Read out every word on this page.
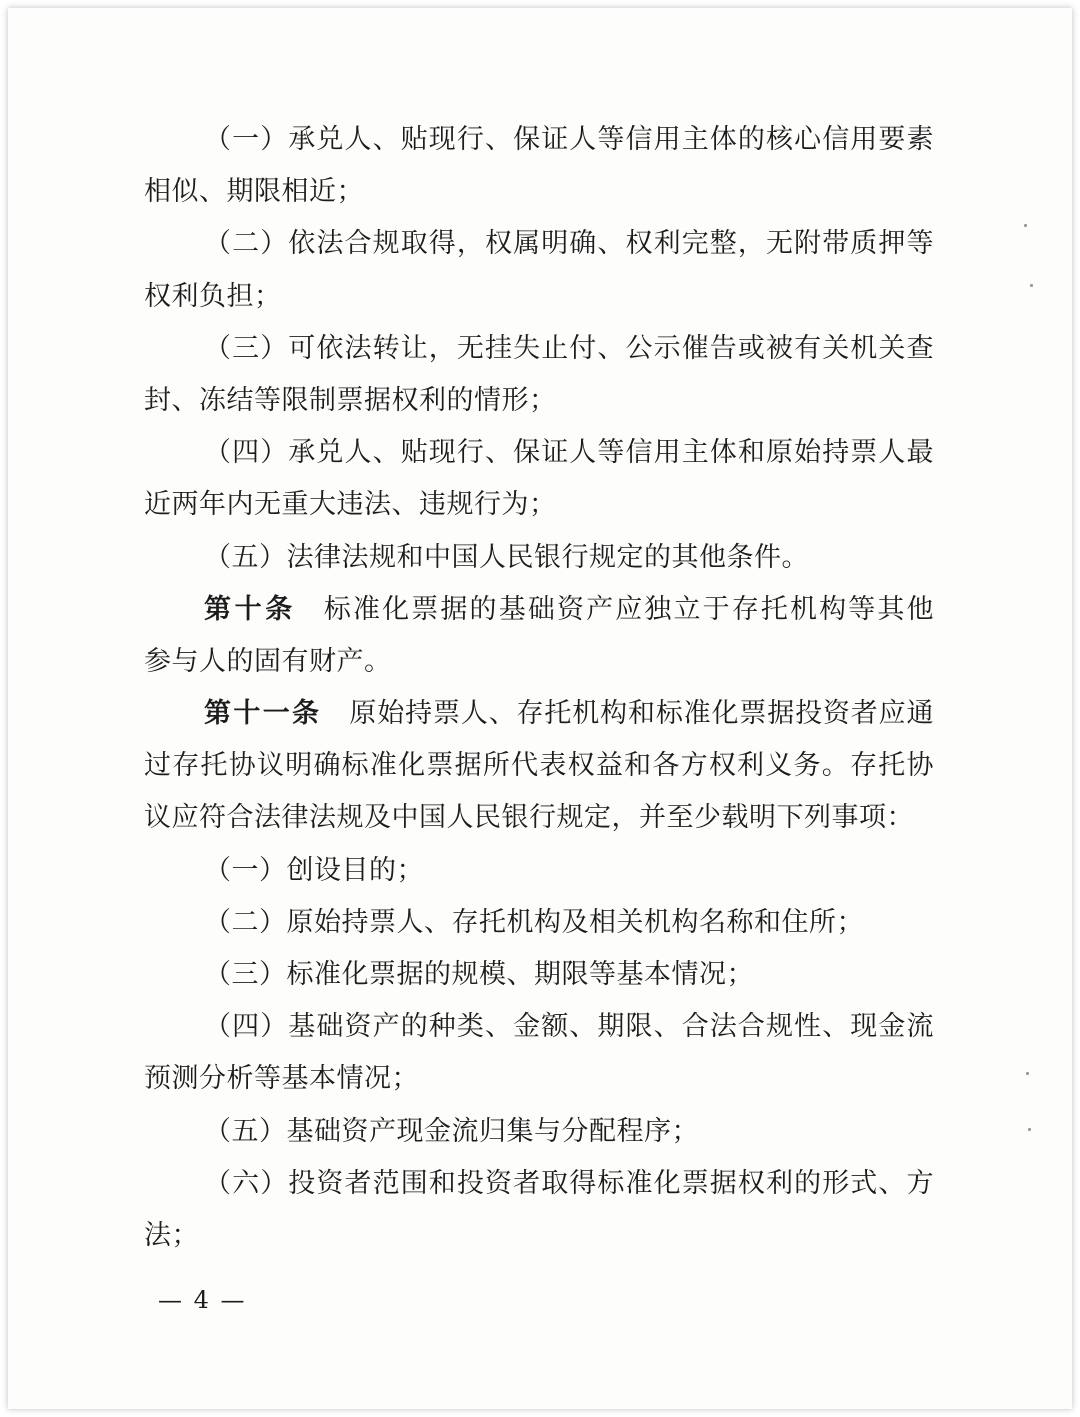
（一）承兑人、贴现行、保证人等信用主体的核心信用要素
相似、期限相近；
（二）依法合规取得，权属明确、权利完整，无附带质押等
权利负担；
（三）可依法转让，无挂失止付、公示催告或被有关机关查
封、冻结等限制票据权利的情形；
（四）承兑人、贴现行、保证人等信用主体和原始持票人最
近两年内无重大违法、违规行为；
（五）法律法规和中国人民银行规定的其他条件。
第十条 标准化票据的基础资产应独立于存托机构等其他
参与人的固有财产。
第十一条 原始持票人、存托机构和标准化票据投资者应通
过存托协议明确标准化票据所代表权益和各方权利义务。存托协
议应符合法律法规及中国人民银行规定，并至少载明下列事项：
（一）创设目的；
（二）原始持票人、存托机构及相关机构名称和住所；
（三）标准化票据的规模、期限等基本情况；
（四）基础资产的种类、金额、期限、合法合规性、现金流
预测分析等基本情况；
（五）基础资产现金流归集与分配程序；
（六）投资者范围和投资者取得标准化票据权利的形式、方
法；
— 4 —
